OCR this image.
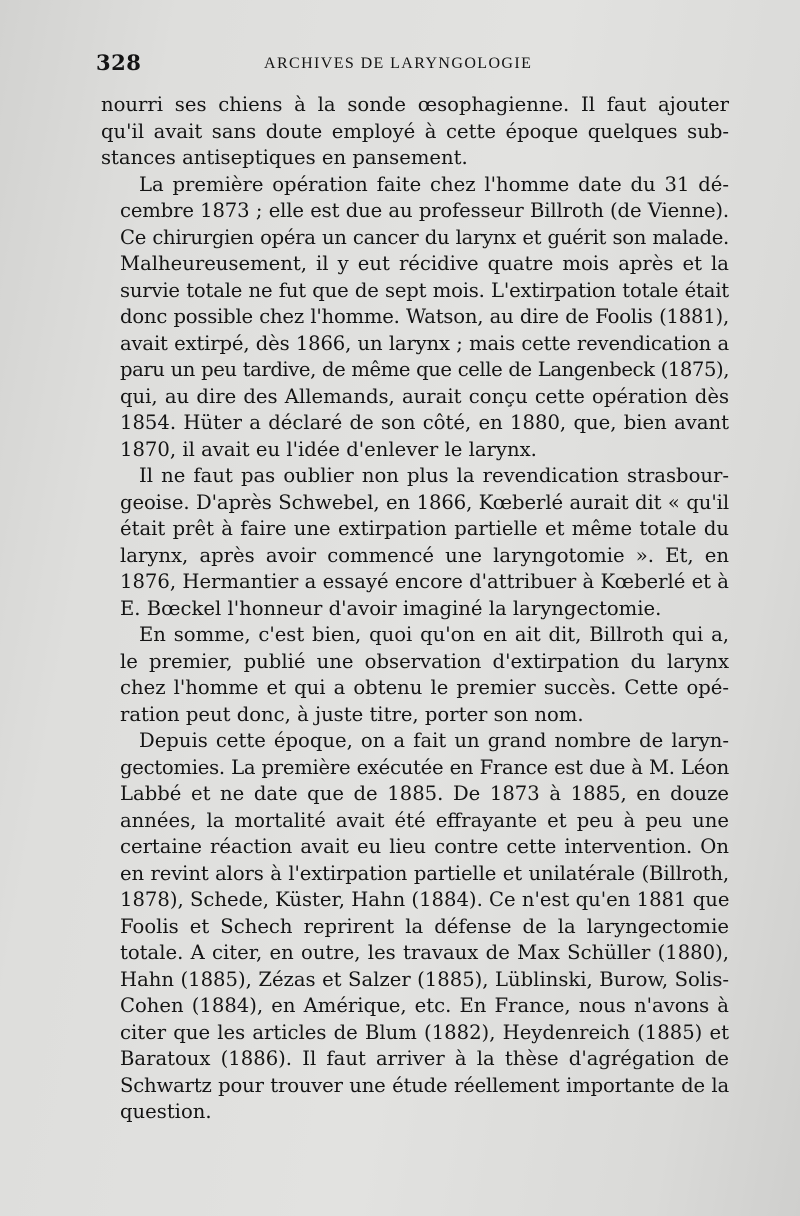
328	ARCHIVES DE LARYNGOLOGIE
nourri ses chiens à la sonde œsophagienne. Il faut ajouter
qu'il avait sans doute employé à cette époque quelques sub-
stances antiseptiques en pansement.
La première opération faite chez l'homme date du 31 dé-
cembre 1873 ; elle est due au professeur Billroth (de Vienne).
Ce chirurgien opéra un cancer du larynx et guérit son malade.
Malheureusement, il y eut récidive quatre mois après et la
survie totale ne fut que de sept mois. L'extirpation totale était
donc possible chez l'homme. Watson, au dire de Foolis (1881),
avait extirpé, dès 1866, un larynx ; mais cette revendication a
paru un peu tardive, de même que celle de Langenbeck (1875),
qui, au dire des Allemands, aurait conçu cette opération dès
1854. Hüter a déclaré de son côté, en 1880, que, bien avant
1870, il avait eu l'idée d'enlever le larynx.
Il ne faut pas oublier non plus la revendication strasbour-
geoise. D'après Schwebel, en 1866, Kœberlé aurait dit « qu'il
était prêt à faire une extirpation partielle et même totale du
larynx, après avoir commencé une laryngotomie ». Et, en
1876, Hermantier a essayé encore d'attribuer à Kœberlé et à
E. Bœckel l'honneur d'avoir imaginé la laryngectomie.
En somme, c'est bien, quoi qu'on en ait dit, Billroth qui a,
le premier, publié une observation d'extirpation du larynx
chez l'homme et qui a obtenu le premier succès. Cette opé-
ration peut donc, à juste titre, porter son nom.
Depuis cette époque, on a fait un grand nombre de laryn-
gectomies. La première exécutée en France est due à M. Léon
Labbé et ne date que de 1885. De 1873 à 1885, en douze
années, la mortalité avait été effrayante et peu à peu une
certaine réaction avait eu lieu contre cette intervention. On
en revint alors à l'extirpation partielle et unilatérale (Billroth,
1878), Schede, Küster, Hahn (1884). Ce n'est qu'en 1881 que
Foolis et Schech reprirent la défense de la laryngectomie
totale. A citer, en outre, les travaux de Max Schüller (1880),
Hahn (1885), Zézas et Salzer (1885), Lüblinski, Burow, Solis-
Cohen (1884), en Amérique, etc. En France, nous n'avons à
citer que les articles de Blum (1882), Heydenreich (1885) et
Baratoux (1886). Il faut arriver à la thèse d'agrégation de
Schwartz pour trouver une étude réellement importante de la
question.
